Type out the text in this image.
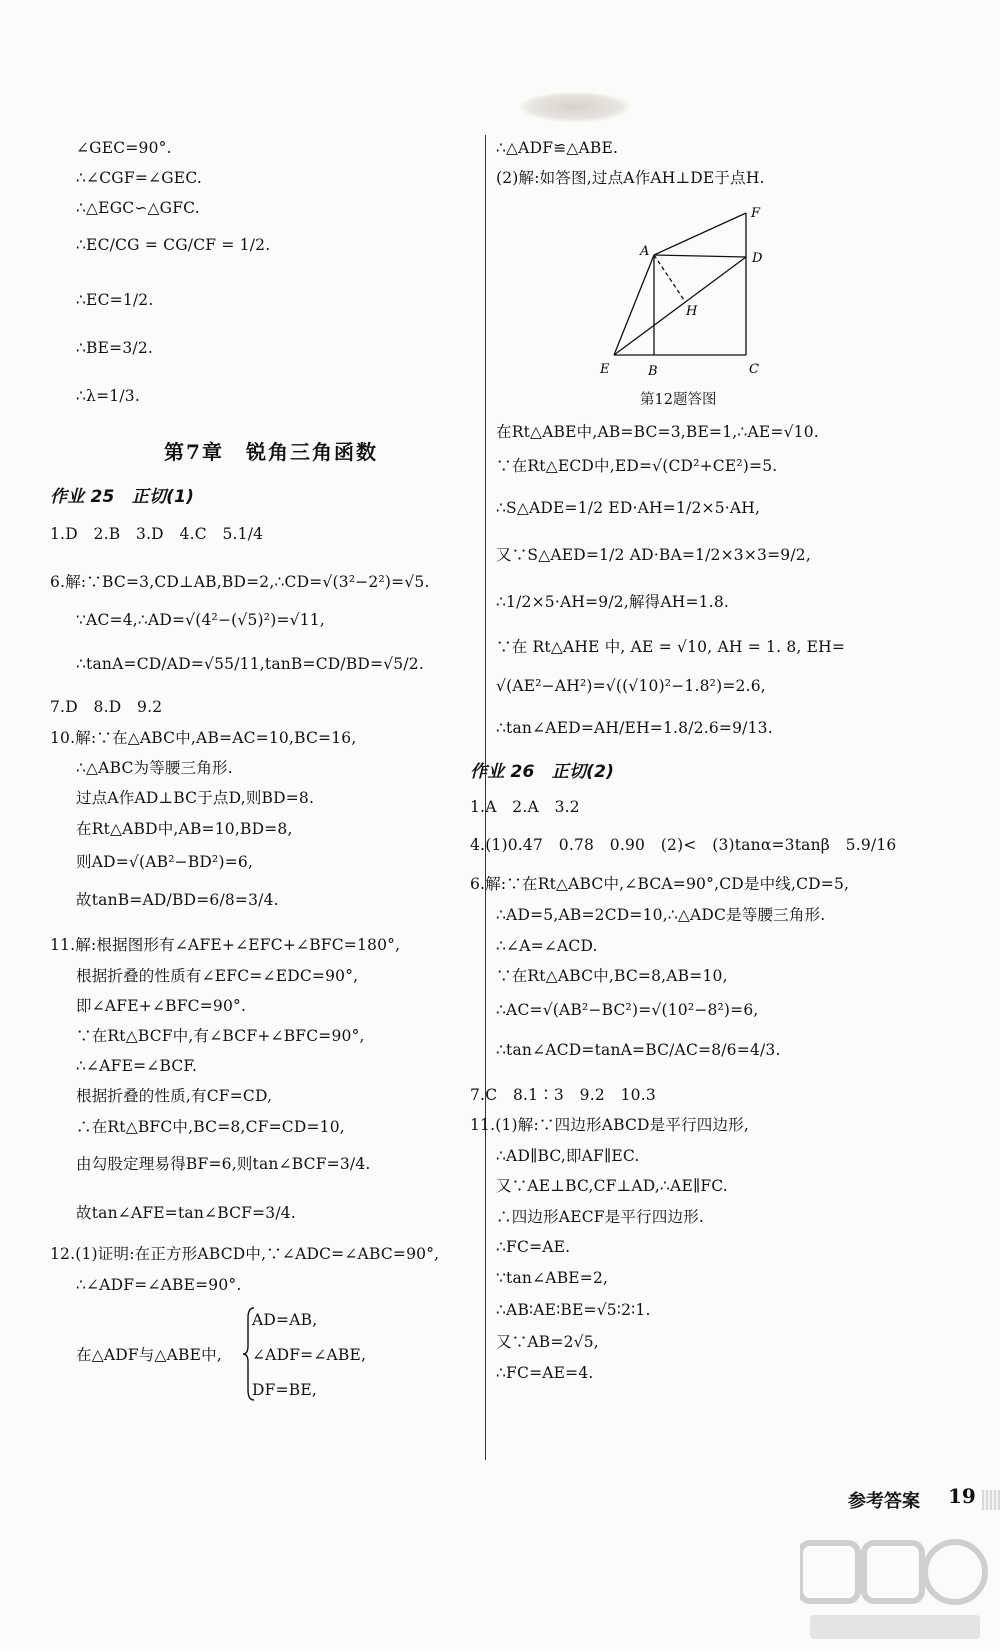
∠GEC=90°.
∴∠CGF=∠GEC.
∴△EGC∽△GFC.
∴EC/CG = CG/CF = 1/2.
∴EC=1/2.
∴BE=3/2.
∴λ=1/3.
第7章　锐角三角函数
作业 25　正切(1)
1.D　2.B　3.D　4.C　5.1/4
6.解:∵BC=3,CD⊥AB,BD=2,∴CD=√(3²−2²)=√5.
∵AC=4,∴AD=√(4²−(√5)²)=√11,
∴tanA=CD/AD=√55/11,tanB=CD/BD=√5/2.
7.D　8.D　9.2
10.解:∵在△ABC中,AB=AC=10,BC=16,
∴△ABC为等腰三角形.
过点A作AD⊥BC于点D,则BD=8.
在Rt△ABD中,AB=10,BD=8,
则AD=√(AB²−BD²)=6,
故tanB=AD/BD=6/8=3/4.
11.解:根据图形有∠AFE+∠EFC+∠BFC=180°,
根据折叠的性质有∠EFC=∠EDC=90°,
即∠AFE+∠BFC=90°.
∵在Rt△BCF中,有∠BCF+∠BFC=90°,
∴∠AFE=∠BCF.
根据折叠的性质,有CF=CD,
∴在Rt△BFC中,BC=8,CF=CD=10,
由勾股定理易得BF=6,则tan∠BCF=3/4.
故tan∠AFE=tan∠BCF=3/4.
12.(1)证明:在正方形ABCD中,∵∠ADC=∠ABC=90°,
∴∠ADF=∠ABE=90°.
在△ADF与△ABE中,
AD=AB,
∠ADF=∠ABE,
DF=BE,
∴△ADF≌△ABE.
(2)解:如答图,过点A作AH⊥DE于点H.
F
A	D
H
E	B	C
第12题答图
在Rt△ABE中,AB=BC=3,BE=1,∴AE=√10.
∵在Rt△ECD中,ED=√(CD²+CE²)=5.
∴S△ADE=1/2 ED·AH=1/2×5·AH,
又∵S△AED=1/2 AD·BA=1/2×3×3=9/2,
∴1/2×5·AH=9/2,解得AH=1.8.
∵在 Rt△AHE 中, AE = √10, AH = 1. 8, EH=
√(AE²−AH²)=√((√10)²−1.8²)=2.6,
∴tan∠AED=AH/EH=1.8/2.6=9/13.
作业 26　正切(2)
1.A　2.A　3.2
4.(1)0.47　0.78　0.90　(2)<　(3)tanα=3tanβ　5.9/16
6.解:∵在Rt△ABC中,∠BCA=90°,CD是中线,CD=5,
∴AD=5,AB=2CD=10,∴△ADC是等腰三角形.
∴∠A=∠ACD.
∵在Rt△ABC中,BC=8,AB=10,
∴AC=√(AB²−BC²)=√(10²−8²)=6,
∴tan∠ACD=tanA=BC/AC=8/6=4/3.
7.C　8.1∶3　9.2　10.3
11.(1)解:∵四边形ABCD是平行四边形,
∴AD∥BC,即AF∥EC.
又∵AE⊥BC,CF⊥AD,∴AE∥FC.
∴四边形AECF是平行四边形.
∴FC=AE.
∵tan∠ABE=2,
∴AB∶AE∶BE=√5∶2∶1.
又∵AB=2√5,
∴FC=AE=4.
参考答案 19
